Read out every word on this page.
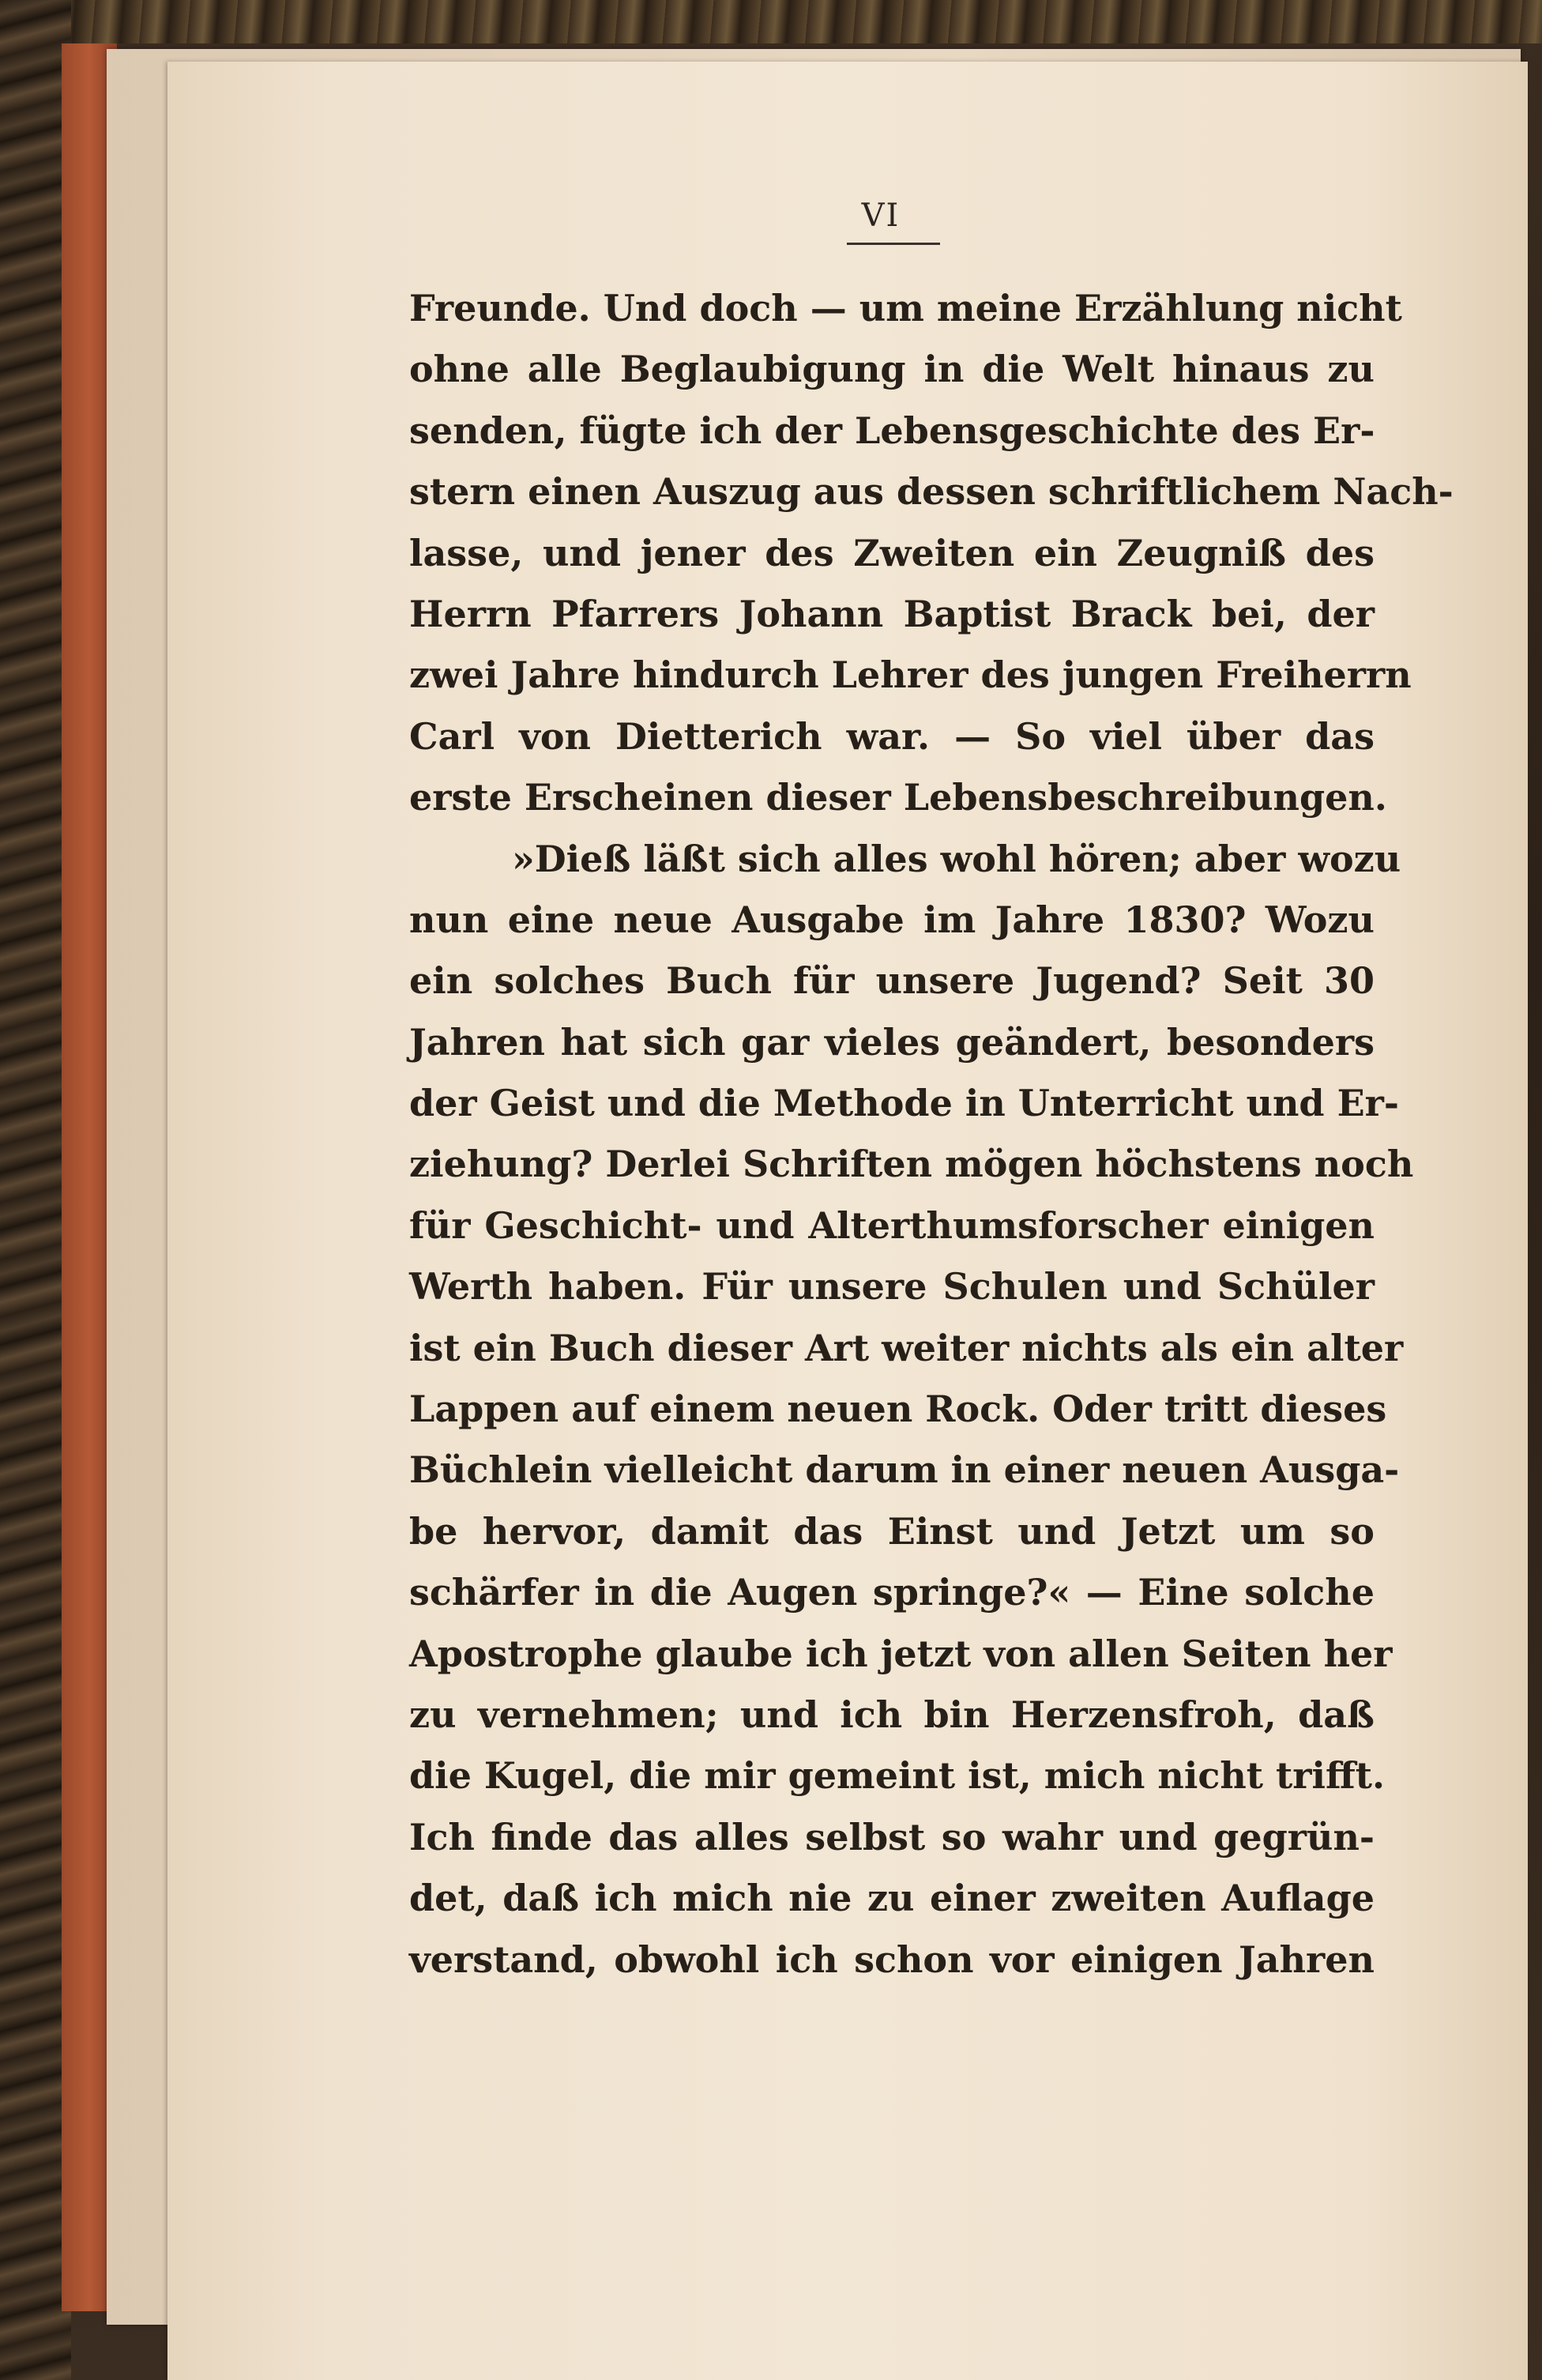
VI
Freunde. Und doch — um meine Erzählung nicht
ohne alle Beglaubigung in die Welt hinaus zu
senden, fügte ich der Lebensgeschichte des Er-
stern einen Auszug aus dessen schriftlichem Nach-
lasse, und jener des Zweiten ein Zeugniß des
Herrn Pfarrers Johann Baptist Brack bei, der
zwei Jahre hindurch Lehrer des jungen Freiherrn
Carl von Dietterich war. — So viel über das
erste Erscheinen dieser Lebensbeschreibungen.
»Dieß läßt sich alles wohl hören; aber wozu
nun eine neue Ausgabe im Jahre 1830? Wozu
ein solches Buch für unsere Jugend? Seit 30
Jahren hat sich gar vieles geändert, besonders
der Geist und die Methode in Unterricht und Er-
ziehung? Derlei Schriften mögen höchstens noch
für Geschicht- und Alterthumsforscher einigen
Werth haben. Für unsere Schulen und Schüler
ist ein Buch dieser Art weiter nichts als ein alter
Lappen auf einem neuen Rock. Oder tritt dieses
Büchlein vielleicht darum in einer neuen Ausga-
be hervor, damit das Einst und Jetzt um so
schärfer in die Augen springe?« — Eine solche
Apostrophe glaube ich jetzt von allen Seiten her
zu vernehmen; und ich bin Herzensfroh, daß
die Kugel, die mir gemeint ist, mich nicht trifft.
Ich finde das alles selbst so wahr und gegrün-
det, daß ich mich nie zu einer zweiten Auflage
verstand, obwohl ich schon vor einigen Jahren
